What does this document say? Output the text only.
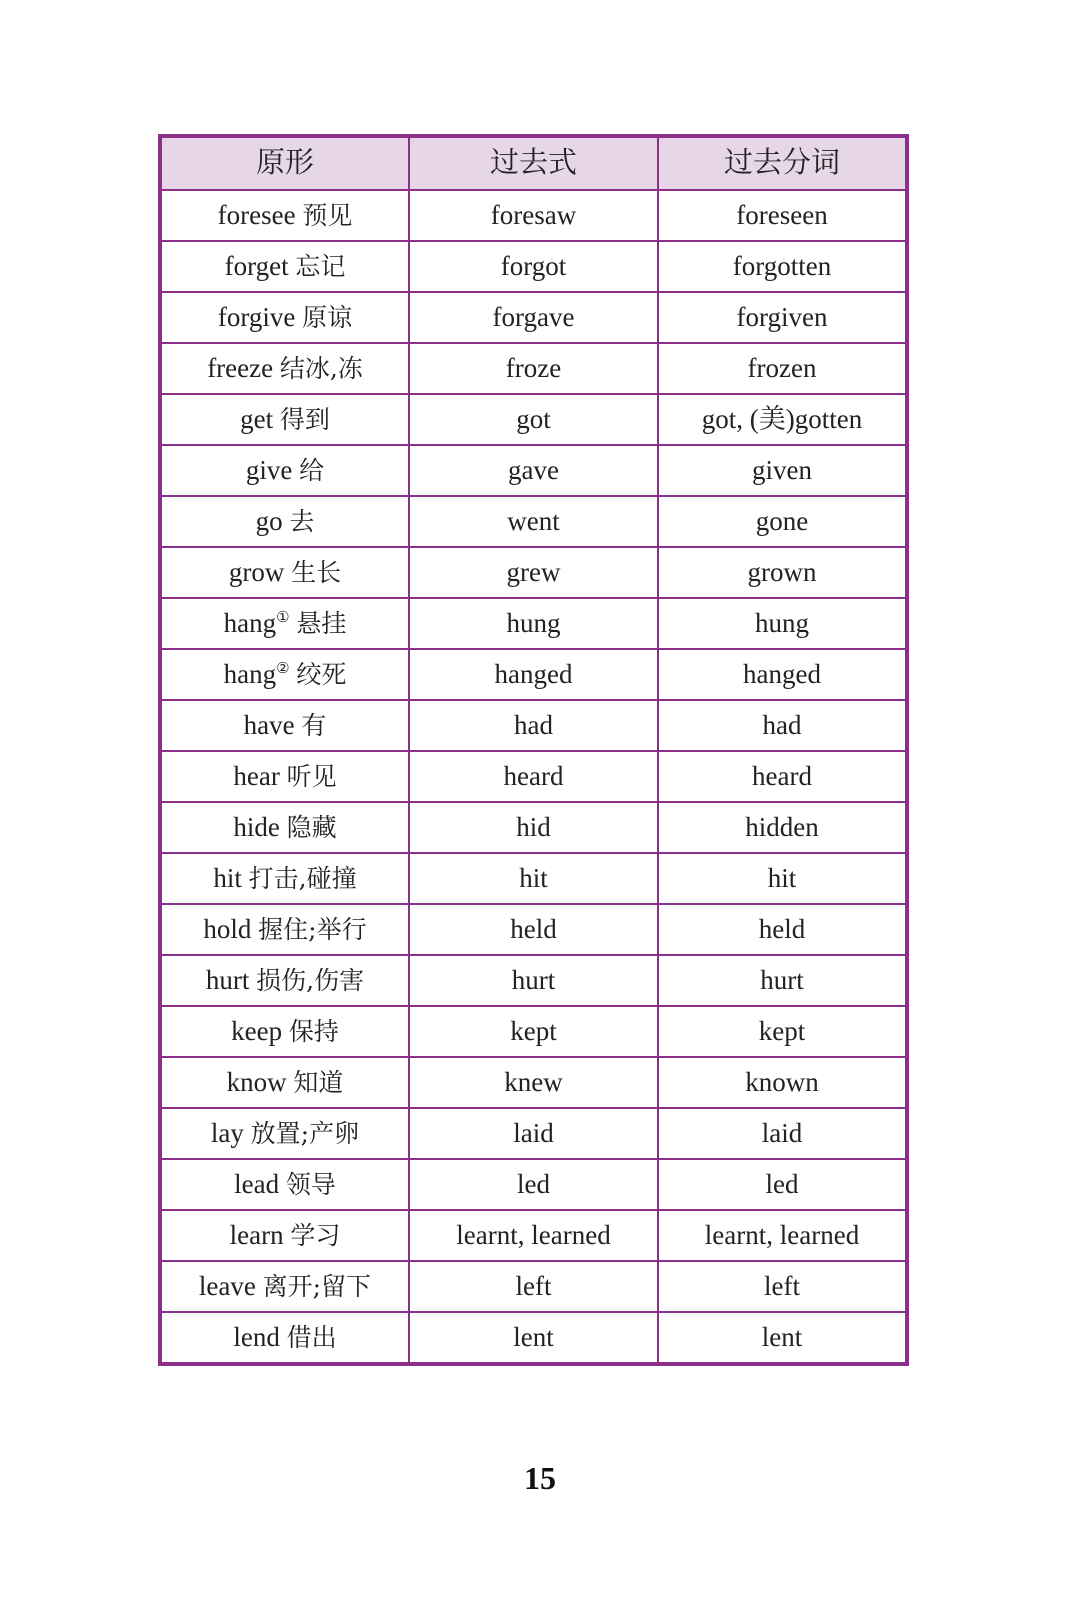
原形	过去式	过去分词
foresee 预见	foresaw	foreseen
forget 忘记	forgot	forgotten
forgive 原谅	forgave	forgiven
freeze 结冰,冻	froze	frozen
get 得到	got	got, (美)gotten
give 给	gave	given
go 去	went	gone
grow 生长	grew	grown
hang① 悬挂	hung	hung
hang② 绞死	hanged	hanged
have 有	had	had
hear 听见	heard	heard
hide 隐藏	hid	hidden
hit 打击,碰撞	hit	hit
hold 握住;举行	held	held
hurt 损伤,伤害	hurt	hurt
keep 保持	kept	kept
know 知道	knew	known
lay 放置;产卵	laid	laid
lead 领导	led	led
learn 学习	learnt, learned	learnt, learned
leave 离开;留下	left	left
lend 借出	lent	lent
15
